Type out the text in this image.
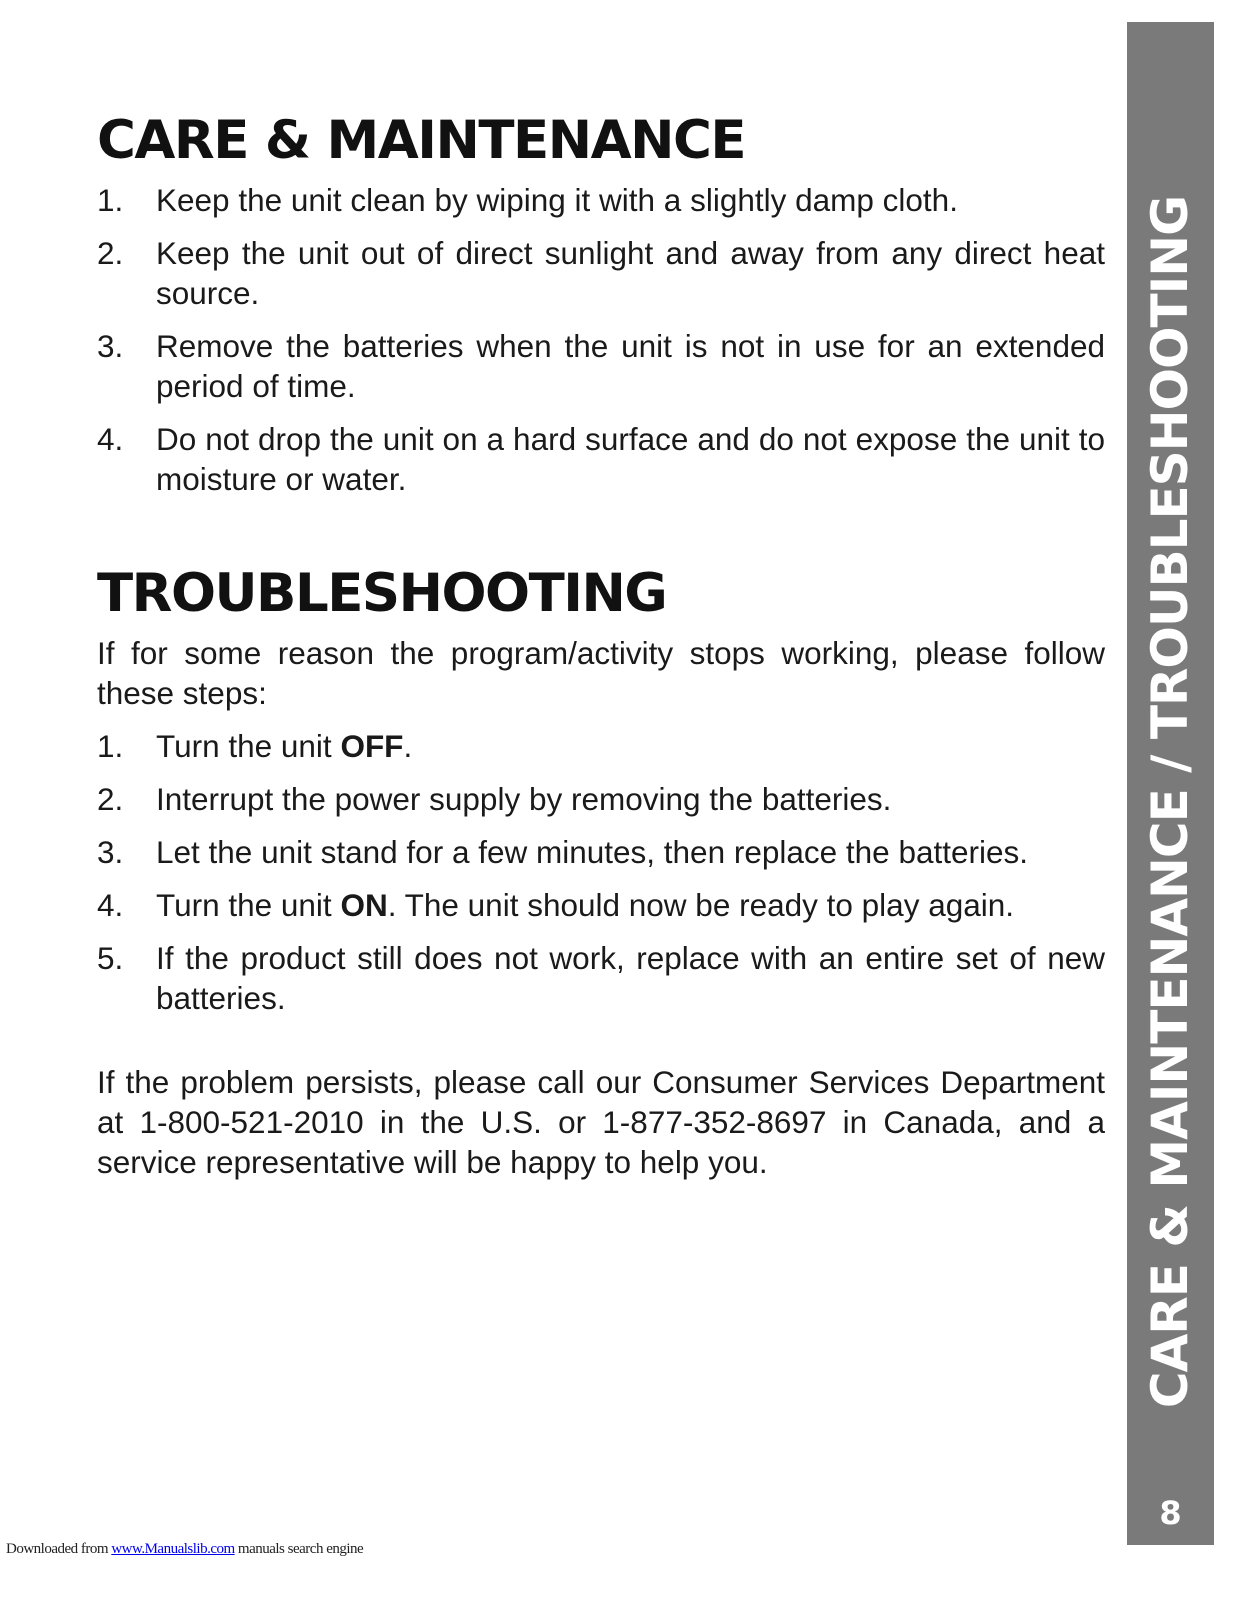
CARE & MAINTENANCE
1. Keep the unit clean by wiping it with a slightly damp cloth.
2. Keep the unit out of direct sunlight and away from any direct heat source.
3. Remove the batteries when the unit is not in use for an extended period of time.
4. Do not drop the unit on a hard surface and do not expose the unit to moisture or water.
TROUBLESHOOTING

If for some reason the program/activity stops working, please follow these steps:

1. Turn the unit OFF.
2. Interrupt the power supply by removing the batteries.
3. Let the unit stand for a few minutes, then replace the batteries.
4. Turn the unit ON. The unit should now be ready to play again.
5. If the product still does not work, replace with an entire set of new batteries.

If the problem persists, please call our Consumer Services Department at 1-800-521-2010 in the U.S. or 1-877-352-8697 in Canada, and a service representative will be happy to help you.	CARE & MAINTENANCE / TROUBLESHOOTING
8
Downloaded from www.Manualslib.com manuals search engine
